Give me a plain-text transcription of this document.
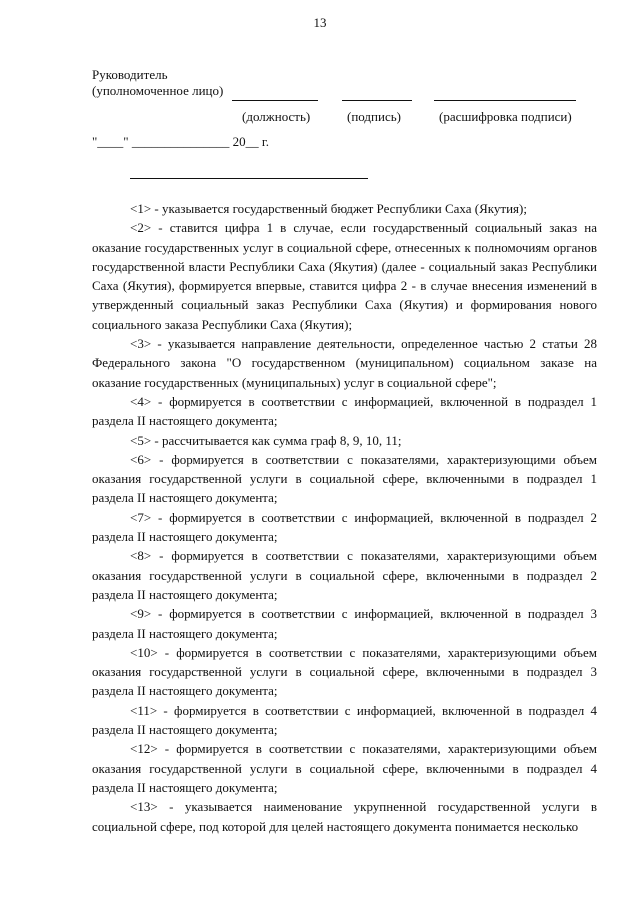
13
Руководитель
(уполномоченное лицо)
(должность)	(подпись)	(расшифровка подписи)
"____" _______________ 20__ г.

<1> - указывается государственный бюджет Республики Саха (Якутия);

<2> - ставится цифра 1 в случае, если государственный социальный заказ на оказание государственных услуг в социальной сфере, отнесенных к полномочиям органов государственной власти Республики Саха (Якутия) (далее - социальный заказ Республики Саха (Якутия), формируется впервые, ставится цифра 2 - в случае внесения изменений в утвержденный социальный заказ Республики Саха (Якутия) и формирования нового социального заказа Республики Саха (Якутия);

<3> - указывается направление деятельности, определенное частью 2 статьи 28 Федерального закона "О государственном (муниципальном) социальном заказе на оказание государственных (муниципальных) услуг в социальной сфере";

<4> - формируется в соответствии с информацией, включенной в подраздел 1 раздела II настоящего документа;

<5> - рассчитывается как сумма граф 8, 9, 10, 11;

<6> - формируется в соответствии с показателями, характеризующими объем оказания государственной услуги в социальной сфере, включенными в подраздел 1 раздела II настоящего документа;

<7> - формируется в соответствии с информацией, включенной в подраздел 2 раздела II настоящего документа;

<8> - формируется в соответствии с показателями, характеризующими объем оказания государственной услуги в социальной сфере, включенными в подраздел 2 раздела II настоящего документа;

<9> - формируется в соответствии с информацией, включенной в подраздел 3 раздела II настоящего документа;

<10> - формируется в соответствии с показателями, характеризующими объем оказания государственной услуги в социальной сфере, включенными в подраздел 3 раздела II настоящего документа;

<11> - формируется в соответствии с информацией, включенной в подраздел 4 раздела II настоящего документа;

<12> - формируется в соответствии с показателями, характеризующими объем оказания государственной услуги в социальной сфере, включенными в подраздел 4 раздела II настоящего документа;

<13> - указывается наименование укрупненной государственной услуги в социальной сфере, под которой для целей настоящего документа понимается несколько
